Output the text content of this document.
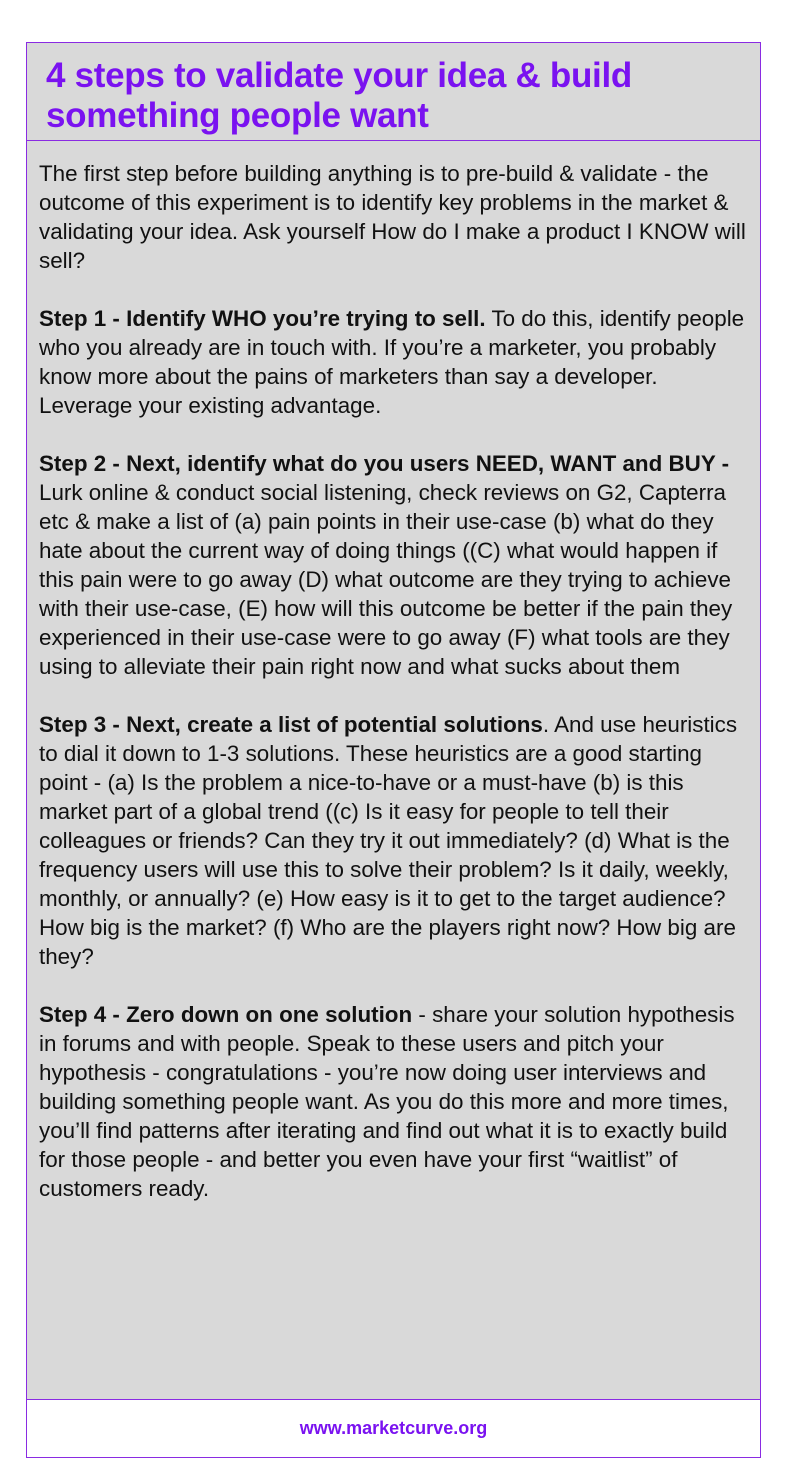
4 steps to validate your idea & build something people want

The first step before building anything is to pre-build & validate - the outcome of this experiment is to identify key problems in the market & validating your idea. Ask yourself How do I make a product I KNOW will sell?

Step 1 - Identify WHO you’re trying to sell. To do this, identify people who you already are in touch with. If you’re a marketer, you probably know more about the pains of marketers than say a developer. Leverage your existing advantage.

Step 2 - Next, identify what do you users NEED, WANT and BUY - Lurk online & conduct social listening, check reviews on G2, Capterra etc & make a list of (a) pain points in their use-case (b) what do they hate about the current way of doing things ((C) what would happen if this pain were to go away (D) what outcome are they trying to achieve with their use-case, (E) how will this outcome be better if the pain they experienced in their use-case were to go away (F) what tools are they using to alleviate their pain right now and what sucks about them

Step 3 - Next, create a list of potential solutions. And use heuristics to dial it down to 1-3 solutions. These heuristics are a good starting point - (a) Is the problem a nice-to-have or a must-have (b) is this market part of a global trend ((c) Is it easy for people to tell their colleagues or friends? Can they try it out immediately? (d) What is the frequency users will use this to solve their problem? Is it daily, weekly, monthly, or annually? (e) How easy is it to get to the target audience? How big is the market? (f) Who are the players right now? How big are they?

Step 4 - Zero down on one solution - share your solution hypothesis in forums and with people. Speak to these users and pitch your hypothesis - congratulations - you’re now doing user interviews and building something people want. As you do this more and more times, you’ll find patterns after iterating and find out what it is to exactly build for those people - and better you even have your first “waitlist” of customers ready.

www.marketcurve.org
